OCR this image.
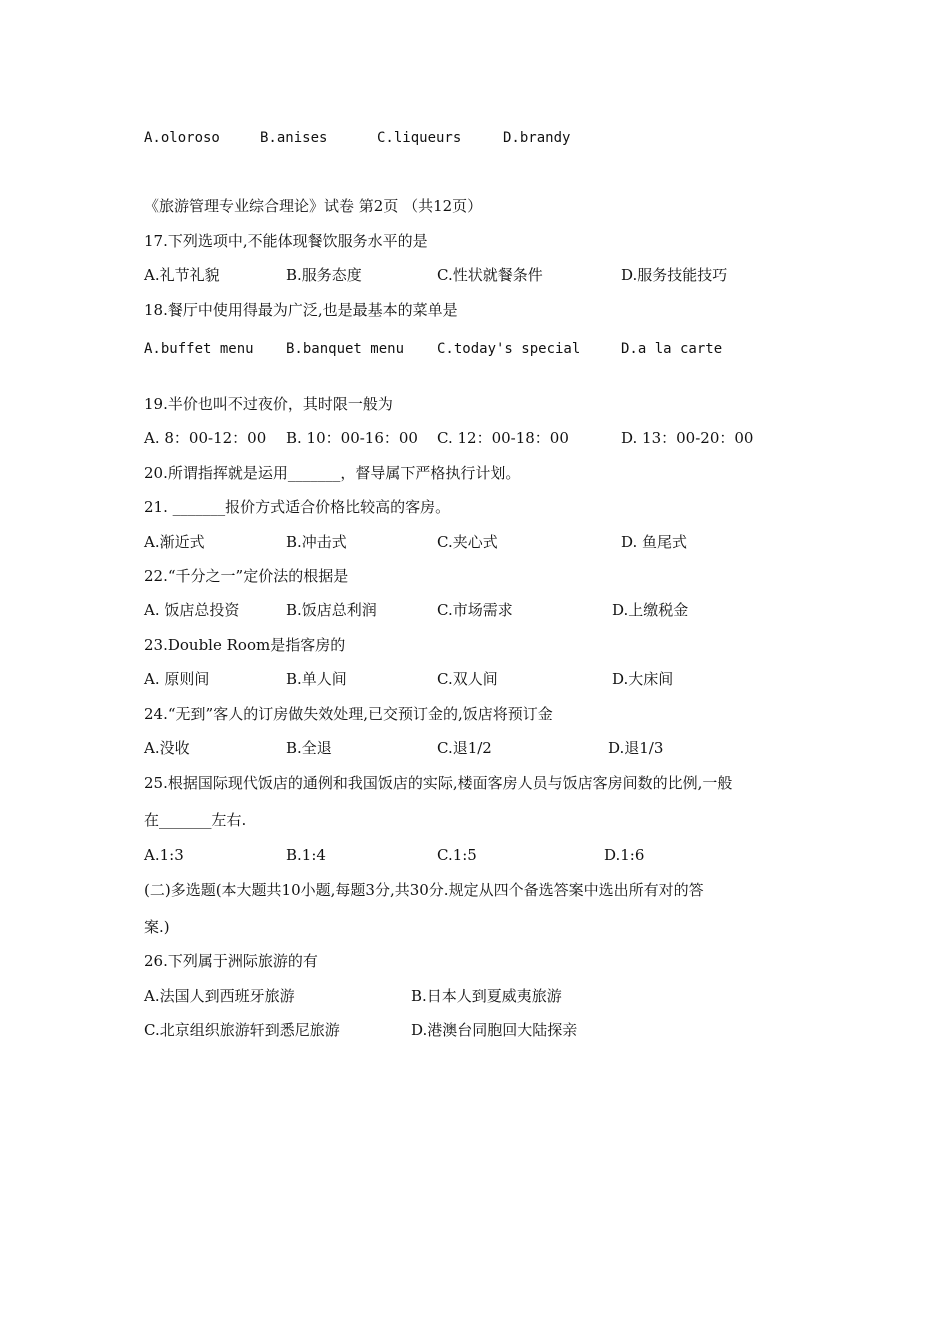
A.oloroso	B.anises	C.liqueurs	D.brandy
《旅游管理专业综合理论》试卷 第2页 （共12页）
17.下列选项中,不能体现餐饮服务水平的是
A.礼节礼貌	B.服务态度	C.性状就餐条件	D.服务技能技巧
18.餐厅中使用得最为广泛,也是最基本的菜单是
A.buffet menu B.banquet menu C.today's special	D.a la carte
19.半价也叫不过夜价，其时限一般为
A. 8：00-12：00 B. 10：00-16：00 C. 12：00-18：00	D. 13：00-20：00
20.所谓指挥就是运用_______，督导属下严格执行计划。
21. _______报价方式适合价格比较高的客房。
A.渐近式	B.冲击式	C.夹心式	D. 鱼尾式
22.“千分之一”定价法的根据是
A. 饭店总投资	B.饭店总利润	C.市场需求	D.上缴税金
23.Double Room是指客房的
A. 原则间	B.单人间	C.双人间	D.大床间
24.“无到”客人的订房做失效处理,已交预订金的,饭店将预订金
A.没收	B.全退	C.退1/2	D.退1/3
25.根据国际现代饭店的通例和我国饭店的实际,楼面客房人员与饭店客房间数的比例,一般
在_______左右.
A.1:3	B.1:4	C.1:5	D.1:6
(二)多选题(本大题共10小题,每题3分,共30分.规定从四个备选答案中选出所有对的答
案.)
26.下列属于洲际旅游的有
A.法国人到西班牙旅游	B.日本人到夏威夷旅游
C.北京组织旅游轩到悉尼旅游	D.港澳台同胞回大陆探亲
